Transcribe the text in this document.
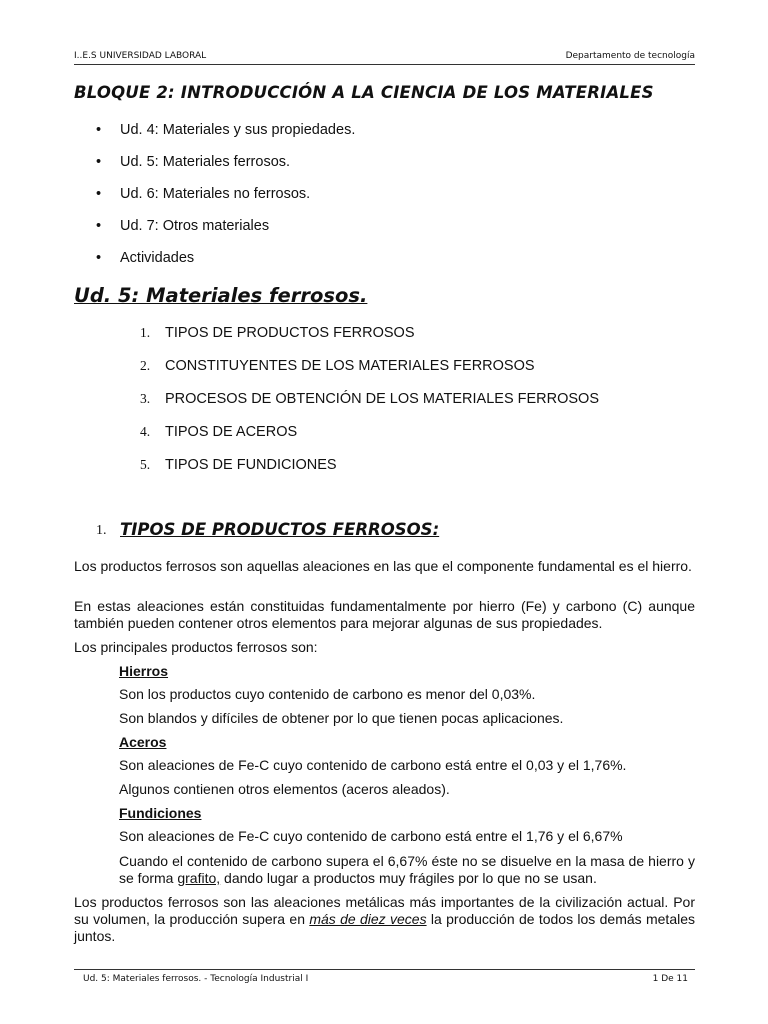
I..E.S UNIVERSIDAD LABORAL	Departamento de tecnología
BLOQUE 2: INTRODUCCIÓN A LA CIENCIA DE LOS MATERIALES
• Ud. 4: Materiales y sus propiedades.
• Ud. 5: Materiales ferrosos.
• Ud. 6: Materiales no ferrosos.
• Ud. 7: Otros materiales
• Actividades
Ud. 5: Materiales ferrosos.
1. TIPOS DE PRODUCTOS FERROSOS
2. CONSTITUYENTES DE LOS MATERIALES FERROSOS
3. PROCESOS DE OBTENCIÓN DE LOS MATERIALES FERROSOS
4. TIPOS DE ACEROS
5. TIPOS DE FUNDICIONES
1. TIPOS DE PRODUCTOS FERROSOS:
Los productos ferrosos son aquellas aleaciones en las que el componente fundamental es el hierro.
En estas aleaciones están constituidas fundamentalmente por hierro (Fe) y carbono (C) aunque también pueden contener otros elementos para mejorar algunas de sus propiedades.
Los principales productos ferrosos son:
Hierros
Son los productos cuyo contenido de carbono es menor del 0,03%.
Son blandos y difíciles de obtener por lo que tienen pocas aplicaciones.
Aceros
Son aleaciones de Fe-C cuyo contenido de carbono está entre el 0,03 y el 1,76%.
Algunos contienen otros elementos (aceros aleados).
Fundiciones
Son aleaciones de Fe-C cuyo contenido de carbono está entre el 1,76 y el 6,67%
Cuando el contenido de carbono supera el 6,67% éste no se disuelve en la masa de hierro y se forma grafito, dando lugar a productos muy frágiles por lo que no se usan.
Los productos ferrosos son las aleaciones metálicas más importantes de la civilización actual. Por su volumen, la producción supera en más de diez veces la producción de todos los demás metales juntos.
Ud. 5: Materiales ferrosos. - Tecnología Industrial I	1 De 11
